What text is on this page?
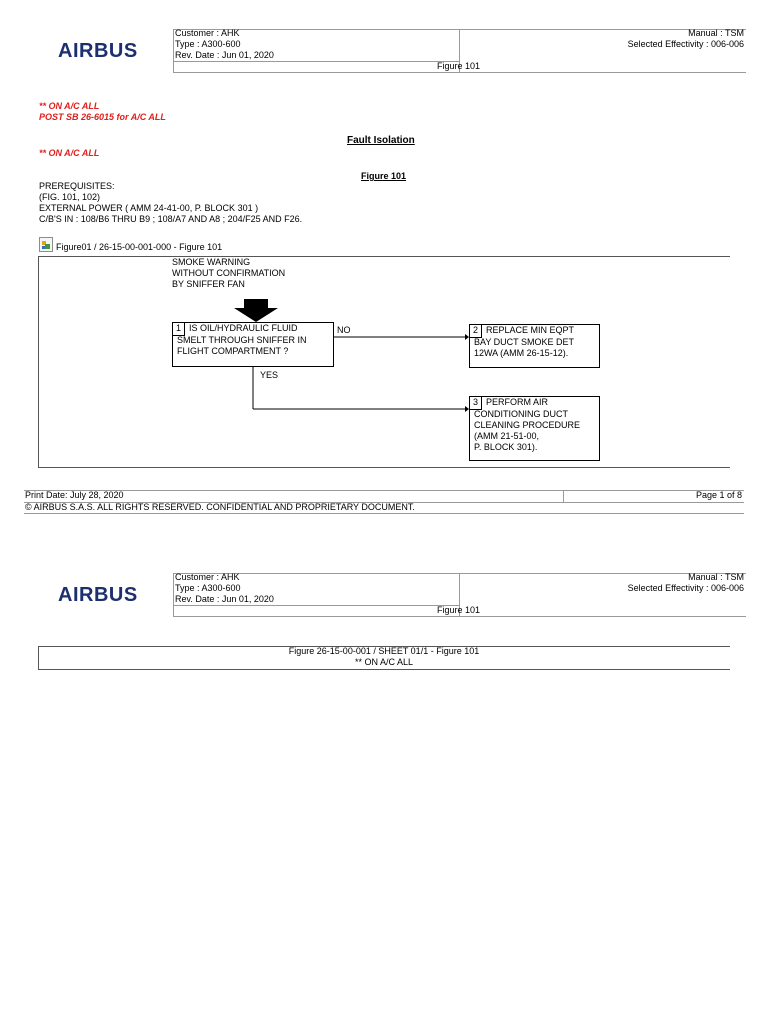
AIRBUS
Customer : AHK
Type : A300-600
Rev. Date : Jun 01, 2020
Manual : TSM
Selected Effectivity : 006-006
Figure 101
** ON A/C ALL
POST SB 26-6015 for A/C ALL
Fault Isolation
** ON A/C ALL
Figure 101
PREREQUISITES:
(FIG. 101, 102)
EXTERNAL POWER ( AMM 24-41-00, P. BLOCK 301 )
C/B'S IN : 108/B6 THRU B9 ; 108/A7 AND A8 ; 204/F25 AND F26.
Figure01 / 26-15-00-001-000 - Figure 101
SMOKE WARNING
WITHOUT CONFIRMATION
BY SNIFFER FAN
1 IS OIL/HYDRAULIC FLUID
SMELT THROUGH SNIFFER IN
FLIGHT COMPARTMENT ?
NO
YES
2 REPLACE MIN EQPT
BAY DUCT SMOKE DET
12WA (AMM 26-15-12).
3 PERFORM AIR
CONDITIONING DUCT
CLEANING PROCEDURE
(AMM 21-51-00,
P. BLOCK 301).
Print Date: July 28, 2020	Page 1 of 8
© AIRBUS S.A.S. ALL RIGHTS RESERVED. CONFIDENTIAL AND PROPRIETARY DOCUMENT.
AIRBUS
Customer : AHK
Type : A300-600
Rev. Date : Jun 01, 2020
Manual : TSM
Selected Effectivity : 006-006
Figure 101
Figure 26-15-00-001 / SHEET 01/1 - Figure 101
** ON A/C ALL
